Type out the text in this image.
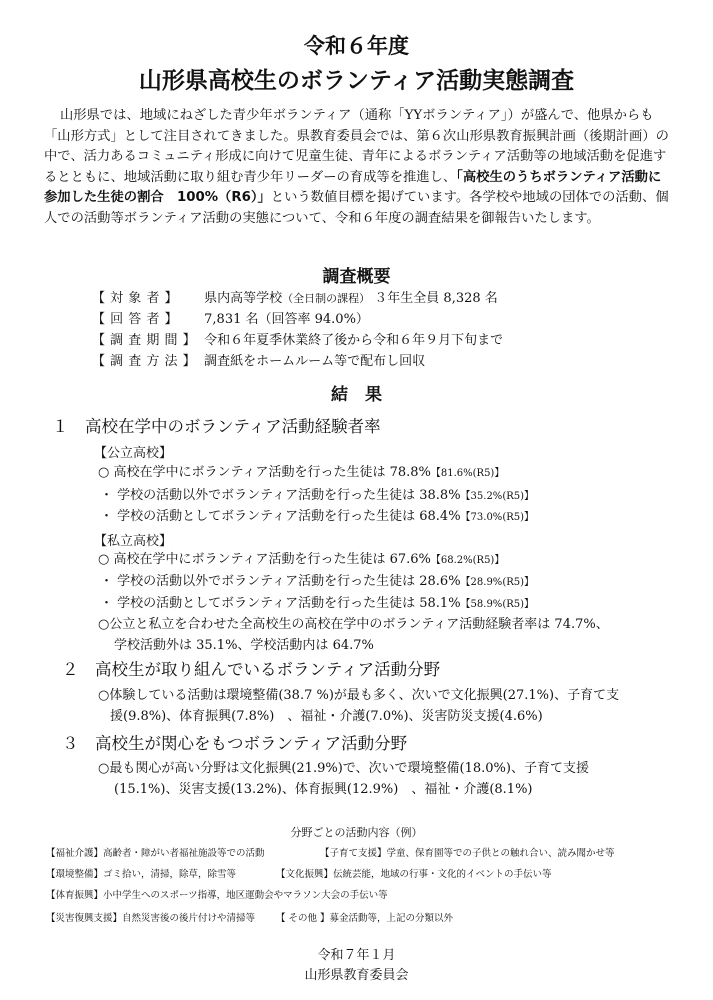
令和６年度
山形県高校生のボランティア活動実態調査

山形県では、地域にねざした青少年ボランティア（通称「YYボランティア」）が盛んで、他県からも「山形方式」として注目されてきました。県教育委員会では、第６次山形県教育振興計画（後期計画）の中で、活力あるコミュニティ形成に向けて児童生徒、青年によるボランティア活動等の地域活動を促進するとともに、地域活動に取り組む青少年リーダーの育成等を推進し、「高校生のうちボランティア活動に参加した生徒の割合　100%（R6）」という数値目標を掲げています。各学校や地域の団体での活動、個人での活動等ボランティア活動の実態について、令和６年度の調査結果を御報告いたします。

調査概要
【 対 象 者 】 県内高等学校（全日制の課程） ３年生全員 8,328 名
【 回 答 者 】 7,831 名（回答率 94.0%）
【 調 査 期 間 】 令和６年夏季休業終了後から令和６年９月下旬まで
【 調 査 方 法 】 調査紙をホームルーム等で配布し回収
結　果
１　高校在学中のボランティア活動経験者率
【公立高校】
○ 高校在学中にボランティア活動を行った生徒は 78.8%【81.6%(R5)】
・ 学校の活動以外でボランティア活動を行った生徒は 38.8%【35.2%(R5)】
・ 学校の活動としてボランティア活動を行った生徒は 68.4%【73.0%(R5)】
【私立高校】
○ 高校在学中にボランティア活動を行った生徒は 67.6%【68.2%(R5)】
・ 学校の活動以外でボランティア活動を行った生徒は 28.6%【28.9%(R5)】
・ 学校の活動としてボランティア活動を行った生徒は 58.1%【58.9%(R5)】
○公立と私立を合わせた全高校生の高校在学中のボランティア活動経験者率は 74.7%、
学校活動外は 35.1%、学校活動内は 64.7%
２　高校生が取り組んでいるボランティア活動分野
○体験している活動は環境整備(38.7 %)が最も多く、次いで文化振興(27.1%)、子育て支
援(9.8%)、体育振興(7.8%)　、福祉・介護(7.0%)、災害防災支援(4.6%)
３　高校生が関心をもつボランティア活動分野
○最も関心が高い分野は文化振興(21.9%)で、次いで環境整備(18.0%)、子育て支援
(15.1%)、災害支援(13.2%)、体育振興(12.9%)　、福祉・介護(8.1%)
分野ごとの活動内容（例）
【福祉介護】高齢者・障がい者福祉施設等での活動	【子育て支援】学童、保育園等での子供との触れ合い、読み聞かせ等
【環境整備】ゴミ拾い，清掃，除草，除雪等	【文化振興】伝統芸能，地域の行事・文化的イベントの手伝い等
【体育振興】小中学生へのスポーツ指導，地区運動会やマラソン大会の手伝い等
【災害復興支援】自然災害後の後片付けや清掃等 【 その他 】募金活動等，上記の分類以外
令和７年１月
山形県教育委員会
